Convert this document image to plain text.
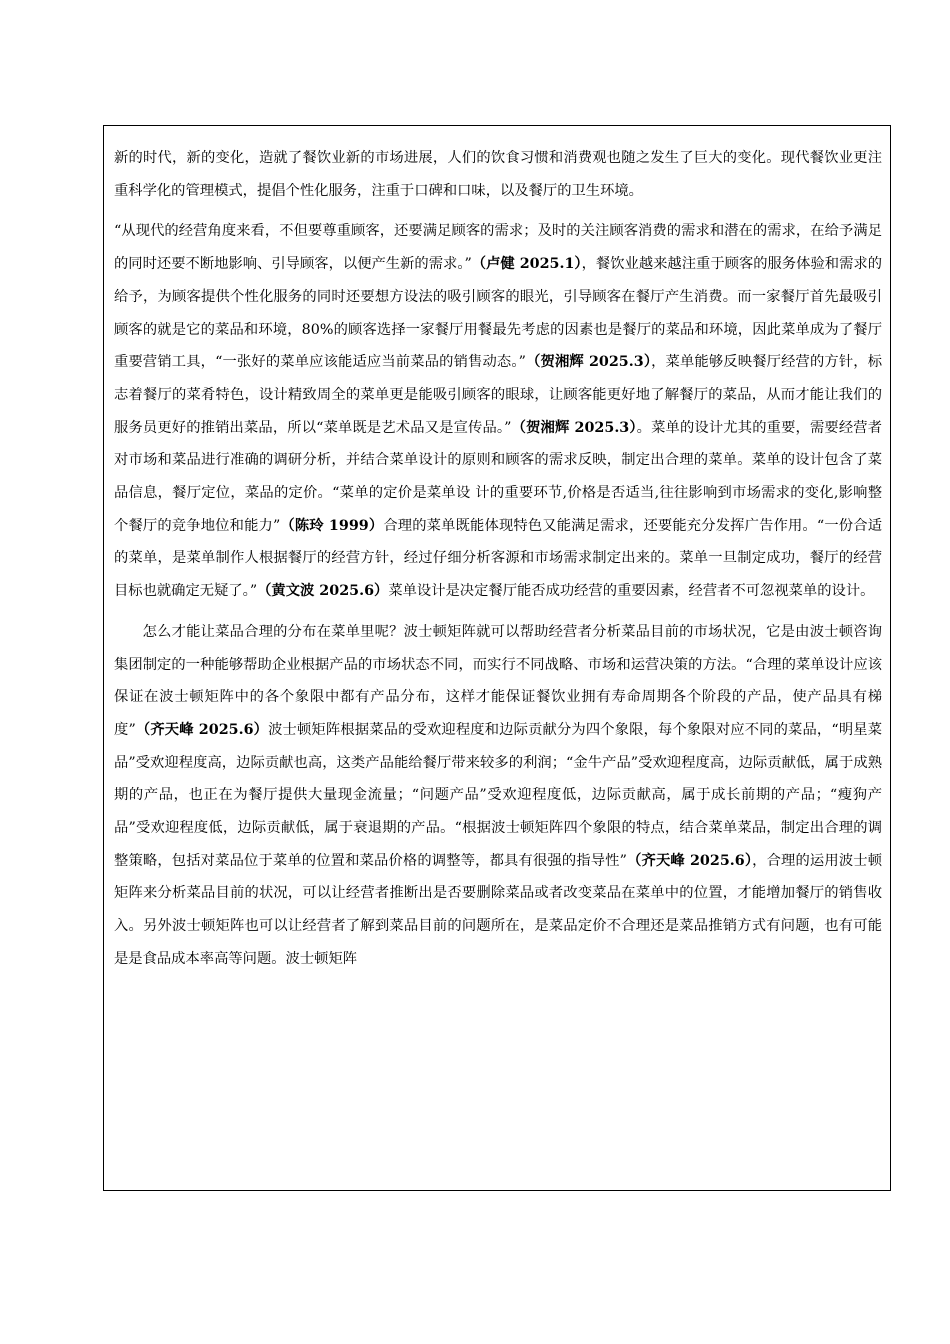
新的时代，新的变化，造就了餐饮业新的市场进展，人们的饮食习惯和消费观也随之发生了巨大的变化。现代餐饮业更注重科学化的管理模式，提倡个性化服务，注重于口碑和口味，以及餐厅的卫生环境。

“从现代的经营角度来看，不但要尊重顾客，还要满足顾客的需求；及时的关注顾客消费的需求和潜在的需求，在给予满足的同时还要不断地影响、引导顾客，以便产生新的需求。”（卢健 2025.1），餐饮业越来越注重于顾客的服务体验和需求的给予，为顾客提供个性化服务的同时还要想方设法的吸引顾客的眼光，引导顾客在餐厅产生消费。而一家餐厅首先最吸引顾客的就是它的菜品和环境，80%的顾客选择一家餐厅用餐最先考虑的因素也是餐厅的菜品和环境，因此菜单成为了餐厅重要营销工具，“一张好的菜单应该能适应当前菜品的销售动态。”（贺湘辉 2025.3），菜单能够反映餐厅经营的方针，标志着餐厅的菜肴特色，设计精致周全的菜单更是能吸引顾客的眼球，让顾客能更好地了解餐厅的菜品，从而才能让我们的服务员更好的推销出菜品，所以“菜单既是艺术品又是宣传品。”（贺湘辉 2025.3）。菜单的设计尤其的重要，需要经营者对市场和菜品进行准确的调研分析，并结合菜单设计的原则和顾客的需求反映，制定出合理的菜单。菜单的设计包含了菜品信息，餐厅定位，菜品的定价。“菜单的定价是菜单设 计的重要环节,价格是否适当,往往影响到市场需求的变化,影响整个餐厅的竞争地位和能力”（陈玲 1999）合理的菜单既能体现特色又能满足需求，还要能充分发挥广告作用。“一份合适的菜单，是菜单制作人根据餐厅的经营方针，经过仔细分析客源和市场需求制定出来的。菜单一旦制定成功，餐厅的经营目标也就确定无疑了。”（黄文波 2025.6）菜单设计是决定餐厅能否成功经营的重要因素，经营者不可忽视菜单的设计。

怎么才能让菜品合理的分布在菜单里呢？波士顿矩阵就可以帮助经营者分析菜品目前的市场状况，它是由波士顿咨询集团制定的一种能够帮助企业根据产品的市场状态不同，而实行不同战略、市场和运营决策的方法。“合理的菜单设计应该保证在波士顿矩阵中的各个象限中都有产品分布，这样才能保证餐饮业拥有寿命周期各个阶段的产品，使产品具有梯度”（齐天峰 2025.6）波士顿矩阵根据菜品的受欢迎程度和边际贡献分为四个象限，每个象限对应不同的菜品，“明星菜品”受欢迎程度高，边际贡献也高，这类产品能给餐厅带来较多的利润；“金牛产品”受欢迎程度高，边际贡献低，属于成熟期的产品，也正在为餐厅提供大量现金流量；“问题产品”受欢迎程度低，边际贡献高，属于成长前期的产品；“瘦狗产品”受欢迎程度低，边际贡献低，属于衰退期的产品。“根据波士顿矩阵四个象限的特点，结合菜单菜品，制定出合理的调整策略，包括对菜品位于菜单的位置和菜品价格的调整等，都具有很强的指导性”（齐天峰 2025.6），合理的运用波士顿矩阵来分析菜品目前的状况，可以让经营者推断出是否要删除菜品或者改变菜品在菜单中的位置，才能增加餐厅的销售收入。另外波士顿矩阵也可以让经营者了解到菜品目前的问题所在，是菜品定价不合理还是菜品推销方式有问题，也有可能是是食品成本率高等问题。波士顿矩阵
